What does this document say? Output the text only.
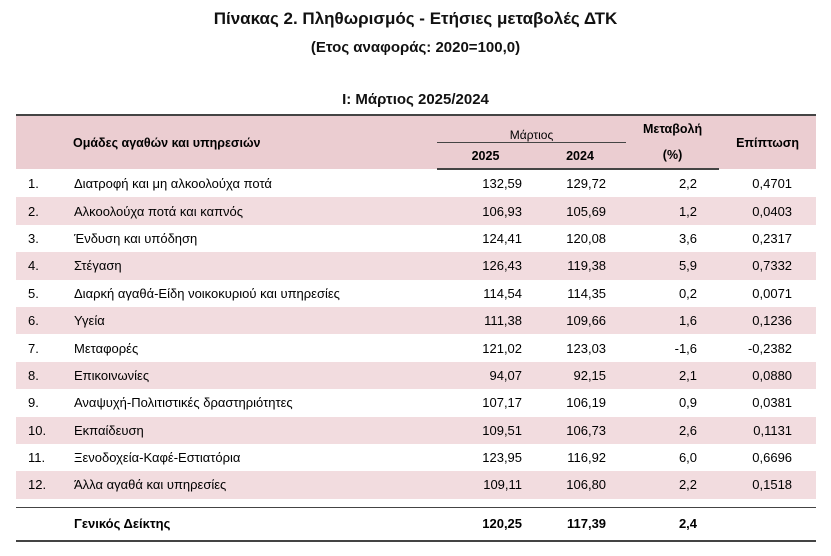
Πίνακας 2. Πληθωρισμός - Ετήσιες μεταβολές ΔΤΚ
(Ετος αναφοράς: 2020=100,0)
Ι: Μάρτιος 2025/2024
Ομάδες αγαθών και υπηρεσιών		Μάρτιος		Μεταβολή	Επίπτωση
		2025	2024	(%)	
1.	Διατροφή και μη αλκοολούχα ποτά	132,59	129,72	2,2	0,4701
2.	Αλκοολούχα ποτά και καπνός	106,93	105,69	1,2	0,0403
3.	Ένδυση και υπόδηση	124,41	120,08	3,6	0,2317
4.	Στέγαση	126,43	119,38	5,9	0,7332
5.	Διαρκή αγαθά-Είδη νοικοκυριού και υπηρεσίες	114,54	114,35	0,2	0,0071
6.	Υγεία	111,38	109,66	1,6	0,1236
7.	Μεταφορές	121,02	123,03	-1,6	-0,2382
8.	Επικοινωνίες	94,07	92,15	2,1	0,0880
9.	Αναψυχή-Πολιτιστικές δραστηριότητες	107,17	106,19	0,9	0,0381
10.	Εκπαίδευση	109,51	106,73	2,6	0,1131
11.	Ξενοδοχεία-Καφέ-Εστιατόρια	123,95	116,92	6,0	0,6696
12.	Άλλα αγαθά και υπηρεσίες	109,11	106,80	2,2	0,1518

Γενικός Δείκτης		120,25	117,39	2,4	
